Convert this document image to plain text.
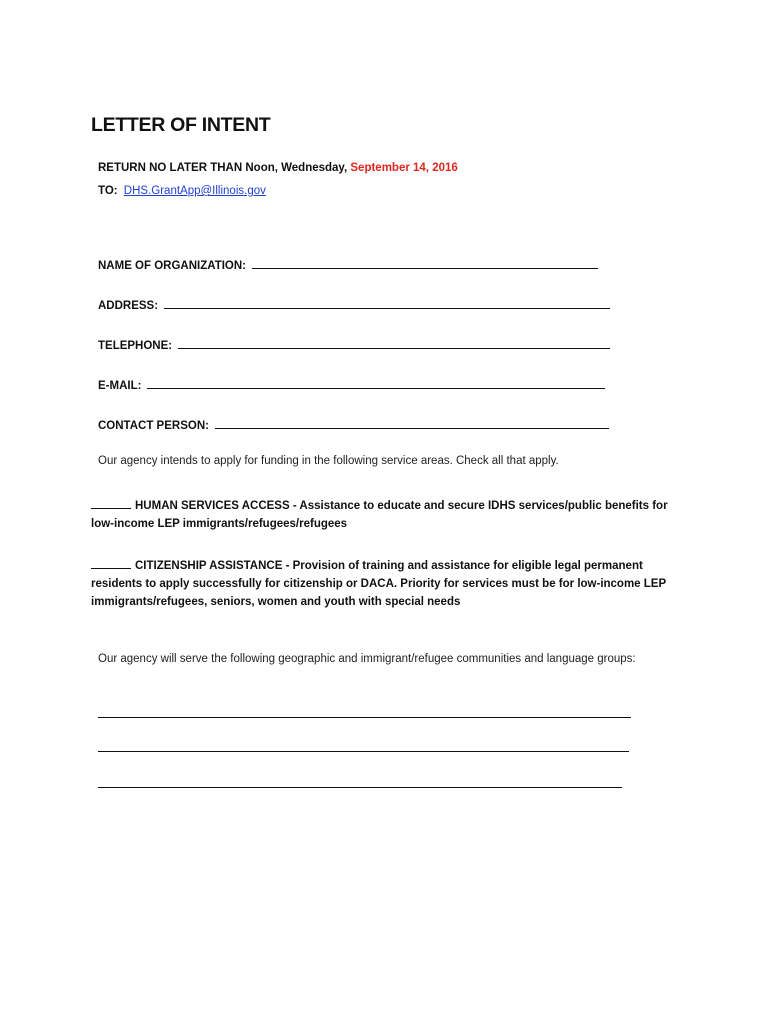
LETTER OF INTENT
RETURN NO LATER THAN Noon, Wednesday, September 14, 2016
TO: DHS.GrantApp@Illinois.gov
NAME OF ORGANIZATION:
ADDRESS:
TELEPHONE:
E-MAIL:
CONTACT PERSON:
Our agency intends to apply for funding in the following service areas. Check all that apply.
HUMAN SERVICES ACCESS - Assistance to educate and secure IDHS services/public benefits for low-income LEP immigrants/refugees/refugees
CITIZENSHIP ASSISTANCE - Provision of training and assistance for eligible legal permanent residents to apply successfully for citizenship or DACA. Priority for services must be for low-income LEP immigrants/refugees, seniors, women and youth with special needs
Our agency will serve the following geographic and immigrant/refugee communities and language groups:
